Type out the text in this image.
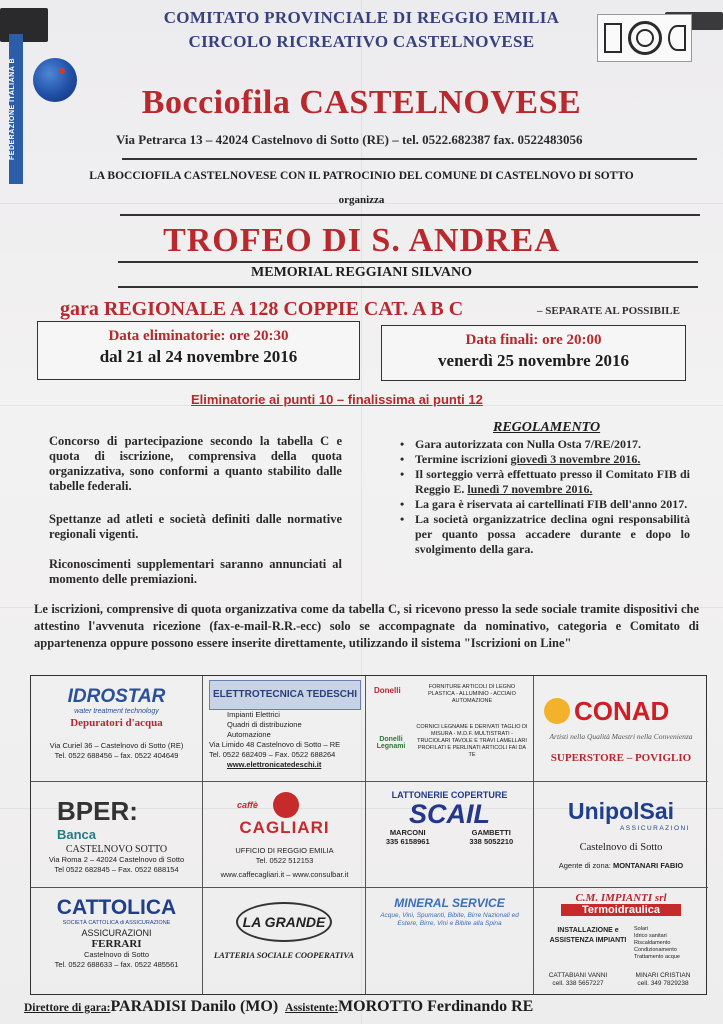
FEDERAZIONE ITALIANA B
COMITATO PROVINCIALE DI REGGIO EMILIA
CIRCOLO RICREATIVO CASTELNOVESE
Bocciofila CASTELNOVESE
Via Petrarca 13 – 42024 Castelnovo di Sotto (RE) – tel. 0522.682387 fax. 0522483056
LA BOCCIOFILA CASTELNOVESE CON IL PATROCINIO DEL COMUNE DI CASTELNOVO DI SOTTO
organizza
TROFEO DI S. ANDREA
MEMORIAL REGGIANI SILVANO
gara REGIONALE A 128 COPPIE CAT. A B C	– SEPARATE AL POSSIBILE
Data eliminatorie: ore 20:30
dal 21 al 24 novembre 2016
Data finali: ore 20:00
venerdì 25 novembre 2016
Eliminatorie ai punti 10 – finalissima ai punti 12
Concorso di partecipazione secondo la tabella C e quota di iscrizione, comprensiva della quota organizzativa, sono conformi a quanto stabilito dalle tabelle federali.
Spettanze ad atleti e società definiti dalle normative regionali vigenti.
Riconoscimenti supplementari saranno annunciati al momento delle premiazioni.
REGOLAMENTO
• Gara autorizzata con Nulla Osta 7/RE/2017.
• Termine iscrizioni giovedì 3 novembre 2016.
• Il sorteggio verrà effettuato presso il Comitato FIB di Reggio E. lunedì 7 novembre 2016.
• La gara è riservata ai cartellinati FIB dell'anno 2017.
• La società organizzatrice declina ogni responsabilità per quanto possa accadere durante e dopo lo svolgimento della gara.
Le iscrizioni, comprensive di quota organizzativa come da tabella C, si ricevono presso la sede sociale tramite dispositivi che attestino l'avvenuta ricezione (fax-e-mail-R.R.-ecc) solo se accompagnate da nominativo, categoria e Comitato di appartenenza oppure possono essere inserite direttamente, utilizzando il sistema "Iscrizioni on Line"
IDROSTAR
water treatment technology
Depuratori d'acqua
Via Curiel 36 – Castelnovo di Sotto (RE)
Tel. 0522 688456 – fax. 0522 404649
ELETTROTECNICA TEDESCHI
Impianti Elettrici
Quadri di distribuzione
Automazione
Via Limido 48 Castelnovo di Sotto – RE
Tel. 0522 682409 – Fax. 0522 688264
www.elettronicatedeschi.it
Donelli
Donelli Legnami
FORNITURE ARTICOLI DI LEGNO PLASTICA - ALLUMINIO - ACCIAIO AUTOMAZIONE
CORNICI LEGNAME E DERIVATI TAGLIO DI MISURA - M.D.F. MULTISTRATI - TRUCIOLARI TAVOLE E TRAVI LAMELLARI PROFILATI E PERLINATI ARTICOLI FAI DA TE
CONAD
Artisti nella Qualità Maestri nella Convenienza
SUPERSTORE – POVIGLIO
BPER:
Banca
CASTELNOVO SOTTO
Via Roma 2 – 42024 Castelnovo di Sotto
Tel 0522 682845 – Fax. 0522 688154
caffè
CAGLIARI
UFFICIO DI REGGIO EMILIA
Tel. 0522 512153
www.caffecagliari.it – www.consulbar.it
LATTONERIE COPERTURE
SCAIL
MARCONI
335 6158961
GAMBETTI
338 5052210
UnipolSai
ASSICURAZIONI
Castelnovo di Sotto
Agente di zona: MONTANARI FABIO
CATTOLICA
SOCIETÀ CATTOLICA di ASSICURAZIONE
ASSICURAZIONI
FERRARI
Castelnovo di Sotto
Tel. 0522 688633 – fax. 0522 485561
LA GRANDE
LATTERIA SOCIALE COOPERATIVA
MINERAL SERVICE
Acque, Vini, Spumanti, Bibite, Birre Nazionali ed Estere, Birre, Vini e Bibite alla Spina
C.M. IMPIANTI srl
Termoidraulica
INSTALLAZIONE e ASSISTENZA IMPIANTI
Solari
Idrico sanitari
Riscaldamento
Condizionamento
Trattamento acque
CATTABIANI VANNI
cell. 338 5657227
MINARI CRISTIAN
cell. 349 7829238
Direttore di gara:PARADISI Danilo (MO) Assistente:MOROTTO Ferdinando RE
